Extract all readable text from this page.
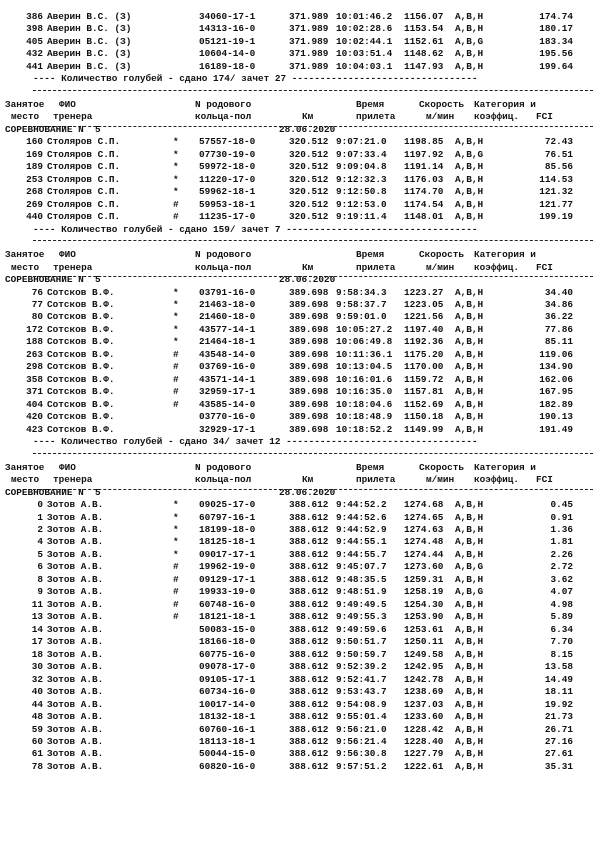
386 Аверин В.С. (З)	34060-17-1	371.989 10:01:46.2 1156.07 A,B,H	174.74
398 Аверин В.С. (З)	14313-16-0	371.989 10:02:28.6 1153.54 A,B,H	180.17
405 Аверин В.С. (З)	05121-19-1	371.989 10:02:44.1 1152.61 A,B,G	183.34
432 Аверин В.С. (З)	10604-14-0	371.989 10:03:51.4 1148.62 A,B,H	195.56
441 Аверин В.С. (З)	16189-18-0	371.989 10:04:03.1 1147.93 A,B,H	199.64
---- Количество голубей - сдано 174/ зачет 27 ---------------------------------
Занятое ФИО	N родового	Время	Скорость Категория и
место тренера	кольца-пол	Км	прилета	м/мин коэффиц. FCI

СОРЕВНОВАНИЕ N  5

	28.06.2020

160 Столяров С.П.	* 57557-18-0	320.512 9:07:21.0 1198.85 A,B,H	72.43
169 Столяров С.П.	* 07730-19-0	320.512 9:07:33.4 1197.92 A,B,G	76.51
189 Столяров С.П.	* 59972-18-0	320.512 9:09:04.8 1191.14 A,B,H	85.56
253 Столяров С.П.	* 11220-17-0	320.512 9:12:32.3 1176.03 A,B,H	114.53
268 Столяров С.П.	* 59962-18-1	320.512 9:12:50.8 1174.70 A,B,H	121.32
269 Столяров С.П.	# 59953-18-1	320.512 9:12:53.0 1174.54 A,B,H	121.77
440 Столяров С.П.	# 11235-17-0	320.512 9:19:11.4 1148.01 A,B,H	199.19
---- Количество голубей - сдано 159/ зачет 7 ----------------------------------
Занятое ФИО	N родового	Время	Скорость Категория и
место тренера	кольца-пол	Км	прилета	м/мин коэффиц. FCI

СОРЕВНОВАНИЕ N  5

	28.06.2020

76 Сотсков В.Ф.	* 03791-16-0	389.698 9:58:34.3 1223.27 A,B,H	34.40
77 Сотсков В.Ф.	* 21463-18-0	389.698 9:58:37.7 1223.05 A,B,H	34.86
80 Сотсков В.Ф.	* 21460-18-0	389.698 9:59:01.0 1221.56 A,B,H	36.22
172 Сотсков В.Ф.	* 43577-14-1	389.698 10:05:27.2 1197.40 A,B,H	77.86
188 Сотсков В.Ф.	* 21464-18-1	389.698 10:06:49.8 1192.36 A,B,H	85.11
263 Сотсков В.Ф.	# 43548-14-0	389.698 10:11:36.1 1175.20 A,B,H	119.06
298 Сотсков В.Ф.	# 03769-16-0	389.698 10:13:04.5 1170.00 A,B,H	134.90
358 Сотсков В.Ф.	# 43571-14-1	389.698 10:16:01.6 1159.72 A,B,H	162.06
371 Сотсков В.Ф.	# 32959-17-1	389.698 10:16:35.0 1157.81 A,B,H	167.95
404 Сотсков В.Ф.	# 43585-14-0	389.698 10:18:04.6 1152.69 A,B,H	182.89
420 Сотсков В.Ф.	03770-16-0	389.698 10:18:48.9 1150.18 A,B,H	190.13
423 Сотсков В.Ф.	32929-17-1	389.698 10:18:52.2 1149.99 A,B,H	191.49
---- Количество голубей - сдано 34/ зачет 12 ----------------------------------
Занятое ФИО	N родового	Время	Скорость Категория и
место тренера	кольца-пол	Км	прилета	м/мин коэффиц. FCI

СОРЕВНОВАНИЕ N  5

	28.06.2020

0 Зотов А.В.	* 09025-17-0	388.612 9:44:52.2 1274.68 A,B,H	0.45
1 Зотов А.В.	* 60797-16-1	388.612 9:44:52.6 1274.65 A,B,H	0.91
2 Зотов А.В.	* 18199-18-0	388.612 9:44:52.9 1274.63 A,B,H	1.36
4 Зотов А.В.	* 18125-18-1	388.612 9:44:55.1 1274.48 A,B,H	1.81
5 Зотов А.В.	* 09017-17-1	388.612 9:44:55.7 1274.44 A,B,H	2.26
6 Зотов А.В.	# 19962-19-0	388.612 9:45:07.7 1273.60 A,B,G	2.72
8 Зотов А.В.	# 09129-17-1	388.612 9:48:35.5 1259.31 A,B,H	3.62
9 Зотов А.В.	# 19933-19-0	388.612 9:48:51.9 1258.19 A,B,G	4.07
11 Зотов А.В.	# 60748-16-0	388.612 9:49:49.5 1254.30 A,B,H	4.98
13 Зотов А.В.	# 18121-18-1	388.612 9:49:55.3 1253.90 A,B,H	5.89
14 Зотов А.В.	50083-15-0	388.612 9:49:59.6 1253.61 A,B,H	6.34
17 Зотов А.В.	18166-18-0	388.612 9:50:51.7 1250.11 A,B,H	7.70
18 Зотов А.В.	60775-16-0	388.612 9:50:59.7 1249.58 A,B,H	8.15
30 Зотов А.В.	09078-17-0	388.612 9:52:39.2 1242.95 A,B,H	13.58
32 Зотов А.В.	09105-17-1	388.612 9:52:41.7 1242.78 A,B,H	14.49
40 Зотов А.В.	60734-16-0	388.612 9:53:43.7 1238.69 A,B,H	18.11
44 Зотов А.В.	10017-14-0	388.612 9:54:08.9 1237.03 A,B,H	19.92
48 Зотов А.В.	18132-18-1	388.612 9:55:01.4 1233.60 A,B,H	21.73
59 Зотов А.В.	60760-16-1	388.612 9:56:21.0 1228.42 A,B,H	26.71
60 Зотов А.В.	18113-18-1	388.612 9:56:21.4 1228.40 A,B,H	27.16
61 Зотов А.В.	50044-15-0	388.612 9:56:30.8 1227.79 A,B,H	27.61
78 Зотов А.В.	60820-16-0	388.612 9:57:51.2 1222.61 A,B,H	35.31
